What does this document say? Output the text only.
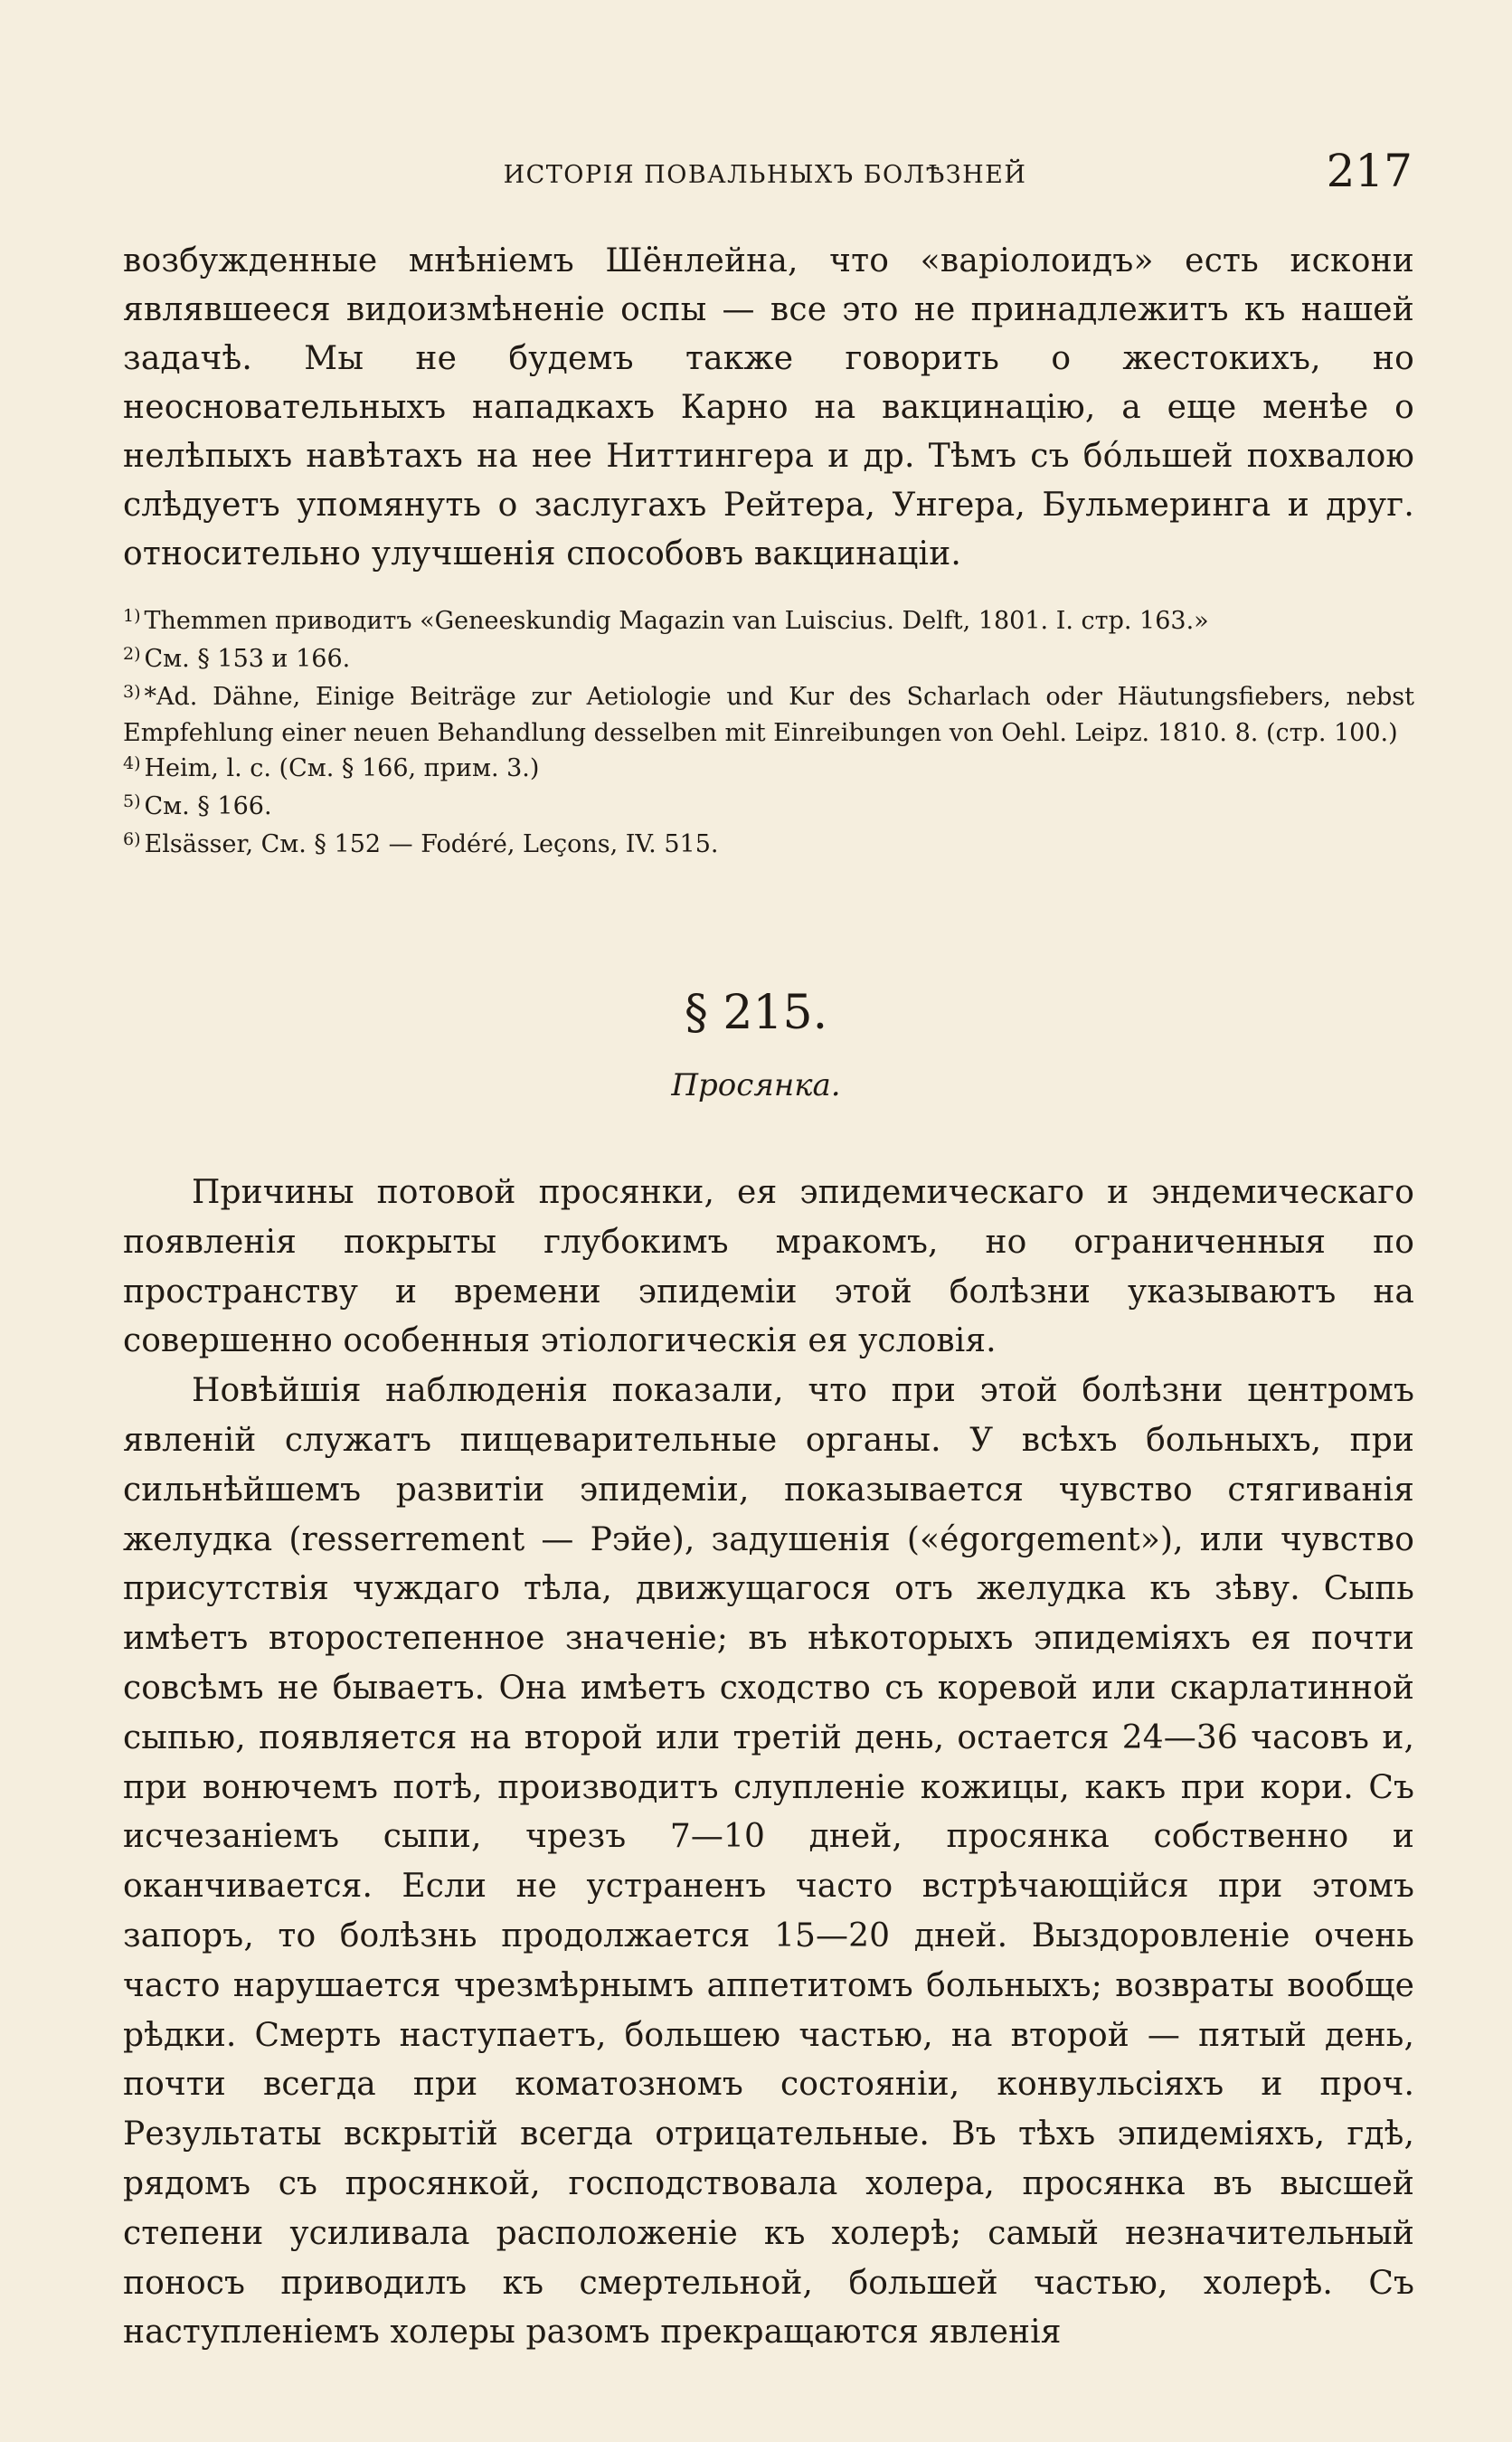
ИСТОРІЯ ПОВАЛЬНЫХЪ БОЛѢЗНЕЙ	217

возбужденные мнѣніемъ Шёнлейна, что «варіолоидъ» есть искони являвшееся видоизмѣненіе оспы — все это не принадлежитъ къ нашей задачѣ. Мы не будемъ также говорить о жестокихъ, но неосновательныхъ нападкахъ Карно на вакцинацію, а еще менѣе о нелѣпыхъ навѣтахъ на нее Ниттингера и др. Тѣмъ съ бóльшей похвалою слѣдуетъ упомянуть о заслугахъ Рейтера, Унгера, Бульмеринга и друг. относительно улучшенія способовъ вакцинаціи.

$^{1)}$ Themmen приводитъ «Geneeskundig Magazin van Luiscius. Delft, 1801. I. стр. 163.»

$^{2)}$ См. § 153 и 166.

$^{3)}$ *Ad. Dähne, Einige Beiträge zur Aetiologie und Kur des Scharlach oder Häutungsfiebers, nebst Empfehlung einer neuen Behandlung desselben mit Einreibungen von Oehl. Leipz. 1810. 8. (стр. 100.)

$^{4)}$ Heim, l. c. (См. § 166, прим. 3.)

$^{5)}$ См. § 166.

$^{6)}$ Elsässer, См. § 152 — Fodéré, Leçons, IV. 515.

§ 215.
Просянка.

Причины потовой просянки, ея эпидемическаго и эндемическаго появленія покрыты глубокимъ мракомъ, но ограниченныя по пространству и времени эпидеміи этой болѣзни указываютъ на совершенно особенныя этіологическія ея условія.

Новѣйшія наблюденія показали, что при этой болѣзни центромъ явленій служатъ пищеварительные органы. У всѣхъ больныхъ, при сильнѣйшемъ развитіи эпидеміи, показывается чувство стягиванія желудка (resserrement — Рэйе), задушенія («égorgement»), или чувство присутствія чуждаго тѣла, движущагося отъ желудка къ зѣву. Сыпь имѣетъ второстепенное значеніе; въ нѣкоторыхъ эпидеміяхъ ея почти совсѣмъ не бываетъ. Она имѣетъ сходство съ коревой или скарлатинной сыпью, появляется на второй или третій день, остается 24—36 часовъ и, при вонючемъ потѣ, производитъ слупленіе кожицы, какъ при кори. Съ исчезаніемъ сыпи, чрезъ 7—10 дней, просянка собственно и оканчивается. Если не устраненъ часто встрѣчающійся при этомъ запоръ, то болѣзнь продолжается 15—20 дней. Выздоровленіе очень часто нарушается чрезмѣрнымъ аппетитомъ больныхъ; возвраты вообще рѣдки. Смерть наступаетъ, большею частью, на второй — пятый день, почти всегда при коматозномъ состояніи, конвульсіяхъ и проч. Результаты вскрытій всегда отрицательные. Въ тѣхъ эпидеміяхъ, гдѣ, рядомъ съ просянкой, господствовала холера, просянка въ высшей степени усиливала расположеніе къ холерѣ; самый незначительный поносъ приводилъ къ смертельной, большей частью, холерѣ. Съ наступленіемъ холеры разомъ прекращаются явленія
